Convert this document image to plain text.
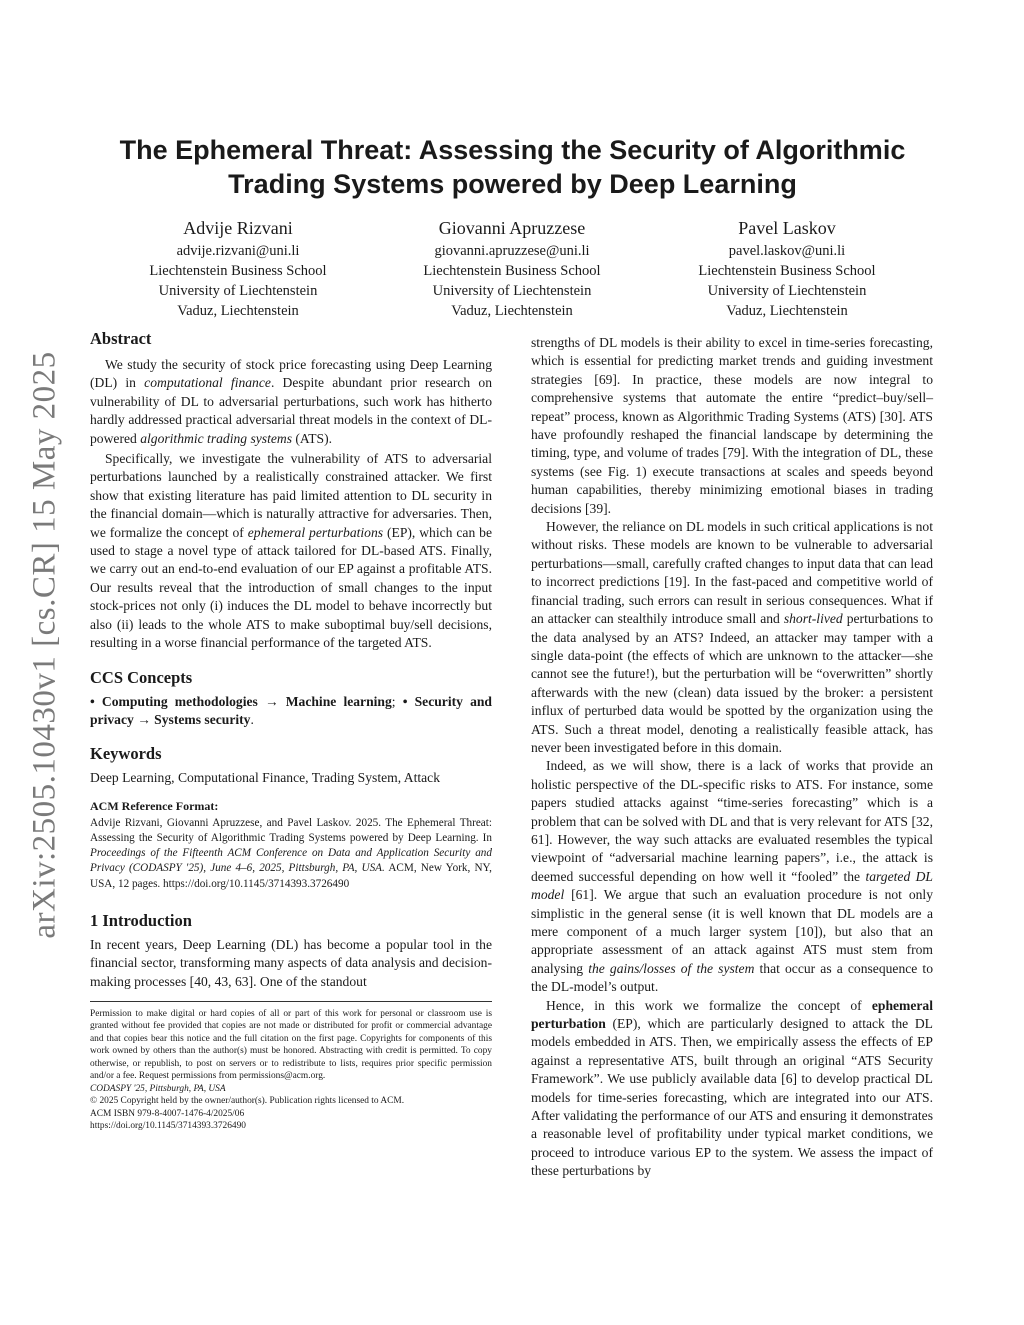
arXiv:2505.10430v1 [cs.CR] 15 May 2025
The Ephemeral Threat: Assessing the Security of Algorithmic Trading Systems powered by Deep Learning
Advije Rizvani
advije.rizvani@uni.li
Liechtenstein Business School
University of Liechtenstein
Vaduz, Liechtenstein
Giovanni Apruzzese
giovanni.apruzzese@uni.li
Liechtenstein Business School
University of Liechtenstein
Vaduz, Liechtenstein
Pavel Laskov
pavel.laskov@uni.li
Liechtenstein Business School
University of Liechtenstein
Vaduz, Liechtenstein
Abstract

We study the security of stock price forecasting using Deep Learning (DL) in computational finance. Despite abundant prior research on vulnerability of DL to adversarial perturbations, such work has hitherto hardly addressed practical adversarial threat models in the context of DL-powered algorithmic trading systems (ATS).

Specifically, we investigate the vulnerability of ATS to adversarial perturbations launched by a realistically constrained attacker. We first show that existing literature has paid limited attention to DL security in the financial domain—which is naturally attractive for adversaries. Then, we formalize the concept of ephemeral perturbations (EP), which can be used to stage a novel type of attack tailored for DL-based ATS. Finally, we carry out an end-to-end evaluation of our EP against a profitable ATS. Our results reveal that the introduction of small changes to the input stock-prices not only (i) induces the DL model to behave incorrectly but also (ii) leads to the whole ATS to make suboptimal buy/sell decisions, resulting in a worse financial performance of the targeted ATS.

CCS Concepts

• Computing methodologies → Machine learning; • Security and privacy → Systems security.

Keywords

Deep Learning, Computational Finance, Trading System, Attack

ACM Reference Format:

Advije Rizvani, Giovanni Apruzzese, and Pavel Laskov. 2025. The Ephemeral Threat: Assessing the Security of Algorithmic Trading Systems powered by Deep Learning. In Proceedings of the Fifteenth ACM Conference on Data and Application Security and Privacy (CODASPY '25), June 4–6, 2025, Pittsburgh, PA, USA. ACM, New York, NY, USA, 12 pages. https://doi.org/10.1145/3714393.3726490

1 Introduction

In recent years, Deep Learning (DL) has become a popular tool in the financial sector, transforming many aspects of data analysis and decision-making processes [40, 43, 63]. One of the standout

Permission to make digital or hard copies of all or part of this work for personal or classroom use is granted without fee provided that copies are not made or distributed for profit or commercial advantage and that copies bear this notice and the full citation on the first page. Copyrights for components of this work owned by others than the author(s) must be honored. Abstracting with credit is permitted. To copy otherwise, or republish, to post on servers or to redistribute to lists, requires prior specific permission and/or a fee. Request permissions from permissions@acm.org.

CODASPY '25, Pittsburgh, PA, USA

© 2025 Copyright held by the owner/author(s). Publication rights licensed to ACM.

ACM ISBN 979-8-4007-1476-4/2025/06

https://doi.org/10.1145/3714393.3726490

strengths of DL models is their ability to excel in time-series forecasting, which is essential for predicting market trends and guiding investment strategies [69]. In practice, these models are now integral to comprehensive systems that automate the entire “predict–buy/sell–repeat” process, known as Algorithmic Trading Systems (ATS) [30]. ATS have profoundly reshaped the financial landscape by determining the timing, type, and volume of trades [79]. With the integration of DL, these systems (see Fig. 1) execute transactions at scales and speeds beyond human capabilities, thereby minimizing emotional biases in trading decisions [39].

However, the reliance on DL models in such critical applications is not without risks. These models are known to be vulnerable to adversarial perturbations—small, carefully crafted changes to input data that can lead to incorrect predictions [19]. In the fast-paced and competitive world of financial trading, such errors can result in serious consequences. What if an attacker can stealthily introduce small and short-lived perturbations to the data analysed by an ATS? Indeed, an attacker may tamper with a single data-point (the effects of which are unknown to the attacker—she cannot see the future!), but the perturbation will be “overwritten” shortly afterwards with the new (clean) data issued by the broker: a persistent influx of perturbed data would be spotted by the organization using the ATS. Such a threat model, denoting a realistically feasible attack, has never been investigated before in this domain.

Indeed, as we will show, there is a lack of works that provide an holistic perspective of the DL-specific risks to ATS. For instance, some papers studied attacks against “time-series forecasting” which is a problem that can be solved with DL and that is very relevant for ATS [32, 61]. However, the way such attacks are evaluated resembles the typical viewpoint of “adversarial machine learning papers”, i.e., the attack is deemed successful depending on how well it “fooled” the targeted DL model [61]. We argue that such an evaluation procedure is not only simplistic in the general sense (it is well known that DL models are a mere component of a much larger system [10]), but also that an appropriate assessment of an attack against ATS must stem from analysing the gains/losses of the system that occur as a consequence to the DL-model’s output.

Hence, in this work we formalize the concept of ephemeral perturbation (EP), which are particularly designed to attack the DL models embedded in ATS. Then, we empirically assess the effects of EP against a representative ATS, built through an original “ATS Security Framework”. We use publicly available data [6] to develop practical DL models for time-series forecasting, which are integrated into our ATS. After validating the performance of our ATS and ensuring it demonstrates a reasonable level of profitability under typical market conditions, we proceed to introduce various EP to the system. We assess the impact of these perturbations by
